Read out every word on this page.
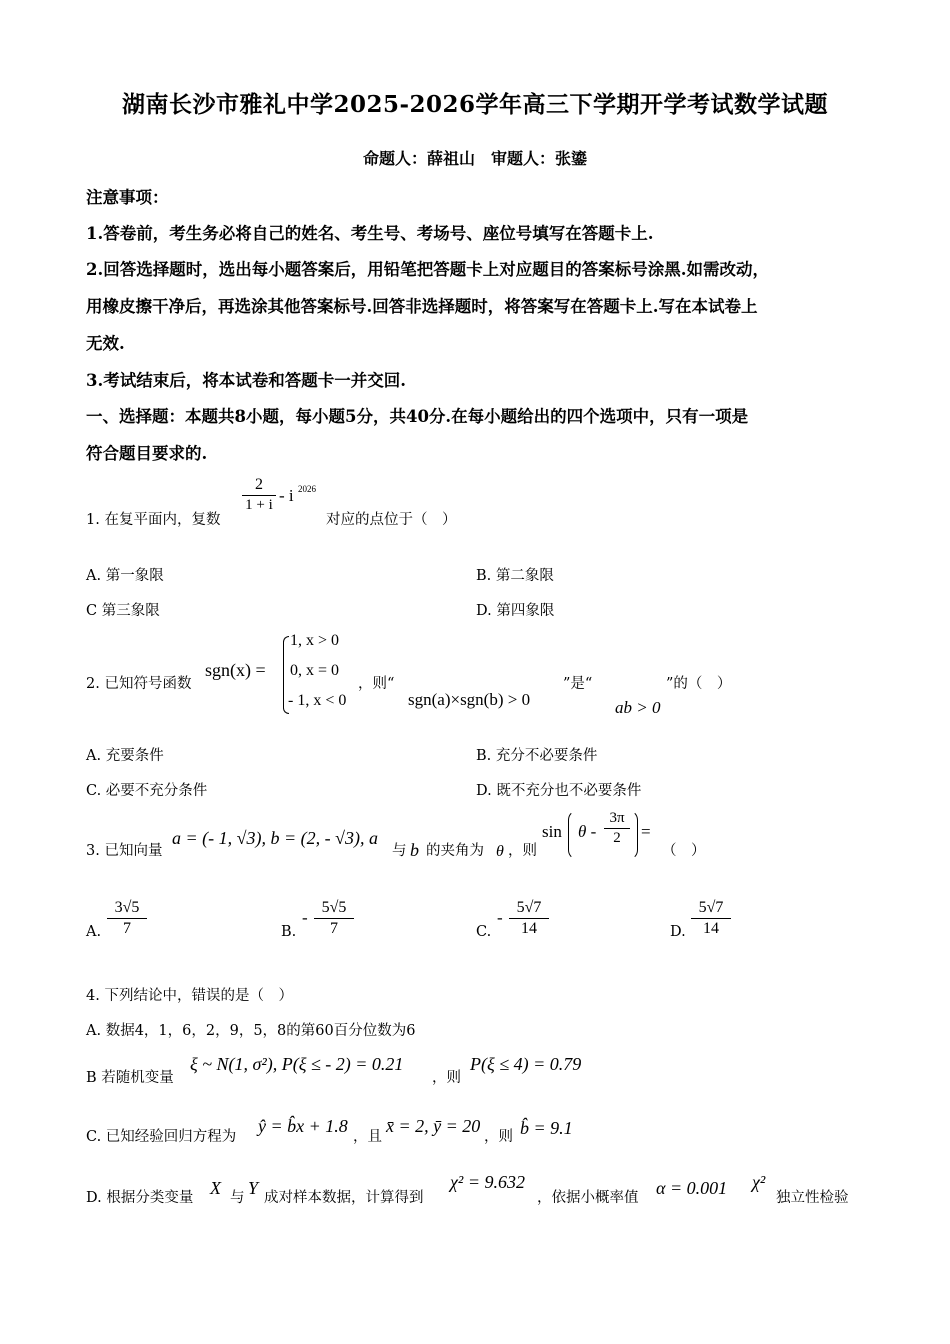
湖南长沙市雅礼中学2025-2026学年高三下学期开学考试数学试题
命题人：薛祖山　审题人：张鎏
注意事项：
1.答卷前，考生务必将自己的姓名、考生号、考场号、座位号填写在答题卡上.
2.回答选择题时，选出每小题答案后，用铅笔把答题卡上对应题目的答案标号涂黑.如需改动，
用橡皮擦干净后，再选涂其他答案标号.回答非选择题时，将答案写在答题卡上.写在本试卷上
无效.
3.考试结束后，将本试卷和答题卡一并交回.
一、选择题：本题共8小题，每小题5分，共40分.在每小题给出的四个选项中，只有一项是
符合题目要求的.
1. 在复平面内，复数
2
1 + i - i 2026
对应的点位于（　）
A. 第一象限	B. 第二象限
C 第三象限	D. 第四象限
2. 已知符号函数
sgn(x) =
1, x > 0
0, x = 0
- 1, x < 0
，则“
sgn(a)×sgn(b) > 0
”是“
ab > 0
”的（　）
A. 充要条件	B. 充分不必要条件
C. 必要不充分条件	D. 既不充分也不必要条件
3. 已知向量
a = (- 1, √3), b = (2, - √3), a
与 b 的夹角为 θ ，则
sin θ -
3π
2	=
（　）
A.
3√5
7	B.
-
5√5
7	C.
-
5√7
14	D.
5√7
14
4. 下列结论中，错误的是（　）
A. 数据4，1，6，2，9，5，8的第60百分位数为6
B 若随机变量
ξ ~ N(1, σ²), P(ξ ≤ - 2) = 0.21
，则
P(ξ ≤ 4) = 0.79
C. 已知经验回归方程为
ŷ = b̂x + 1.8
，且
x̄ = 2, ȳ = 20
，则 b̂ = 9.1
D. 根据分类变量 X 与 Y 成对样本数据，计算得到
χ² = 9.632
，依据小概率值 α = 0.001 χ²
独立性检验
